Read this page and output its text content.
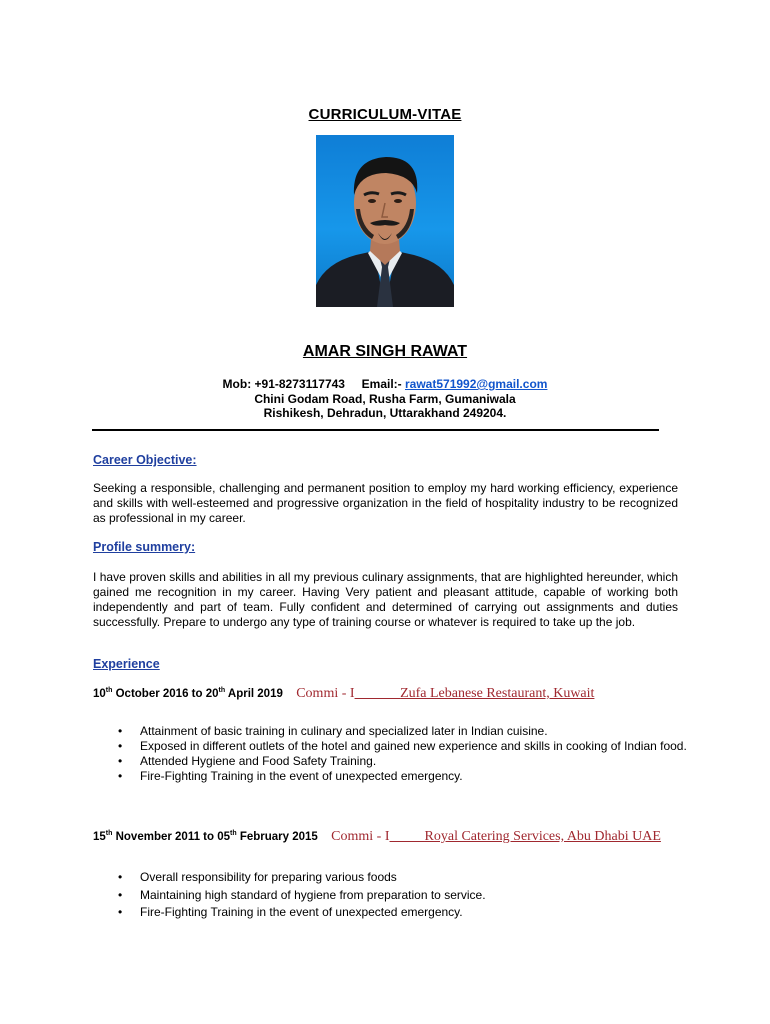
CURRICULUM-VITAE
AMAR SINGH RAWAT
Mob: +91-8273117743 Email:- rawat571992@gmail.com
Chini Godam Road, Rusha Farm, Gumaniwala
Rishikesh, Dehradun, Uttarakhand 249204.
Career Objective:
Seeking a responsible, challenging and permanent position to employ my hard working efficiency, experience and skills with well-esteemed and progressive organization in the field of hospitality industry to be recognized as professional in my career.
Profile summery:
I have proven skills and abilities in all my previous culinary assignments, that are highlighted hereunder, which gained me recognition in my career. Having Very patient and pleasant attitude, capable of working both independently and part of team. Fully confident and determined of carrying out assignments and duties successfully. Prepare to undergo any type of training course or whatever is required to take up the job.
Experience
10th October 2016 to 20th April 2019 Commi - I	Zufa Lebanese Restaurant, Kuwait
• Attainment of basic training in culinary and specialized later in Indian cuisine.
• Exposed in different outlets of the hotel and gained new experience and skills in cooking of Indian food.
• Attended Hygiene and Food Safety Training.
• Fire-Fighting Training in the event of unexpected emergency.
15th November 2011 to 05th February 2015 Commi - I	Royal Catering Services, Abu Dhabi UAE
• Overall responsibility for preparing various foods
• Maintaining high standard of hygiene from preparation to service.
• Fire-Fighting Training in the event of unexpected emergency.
